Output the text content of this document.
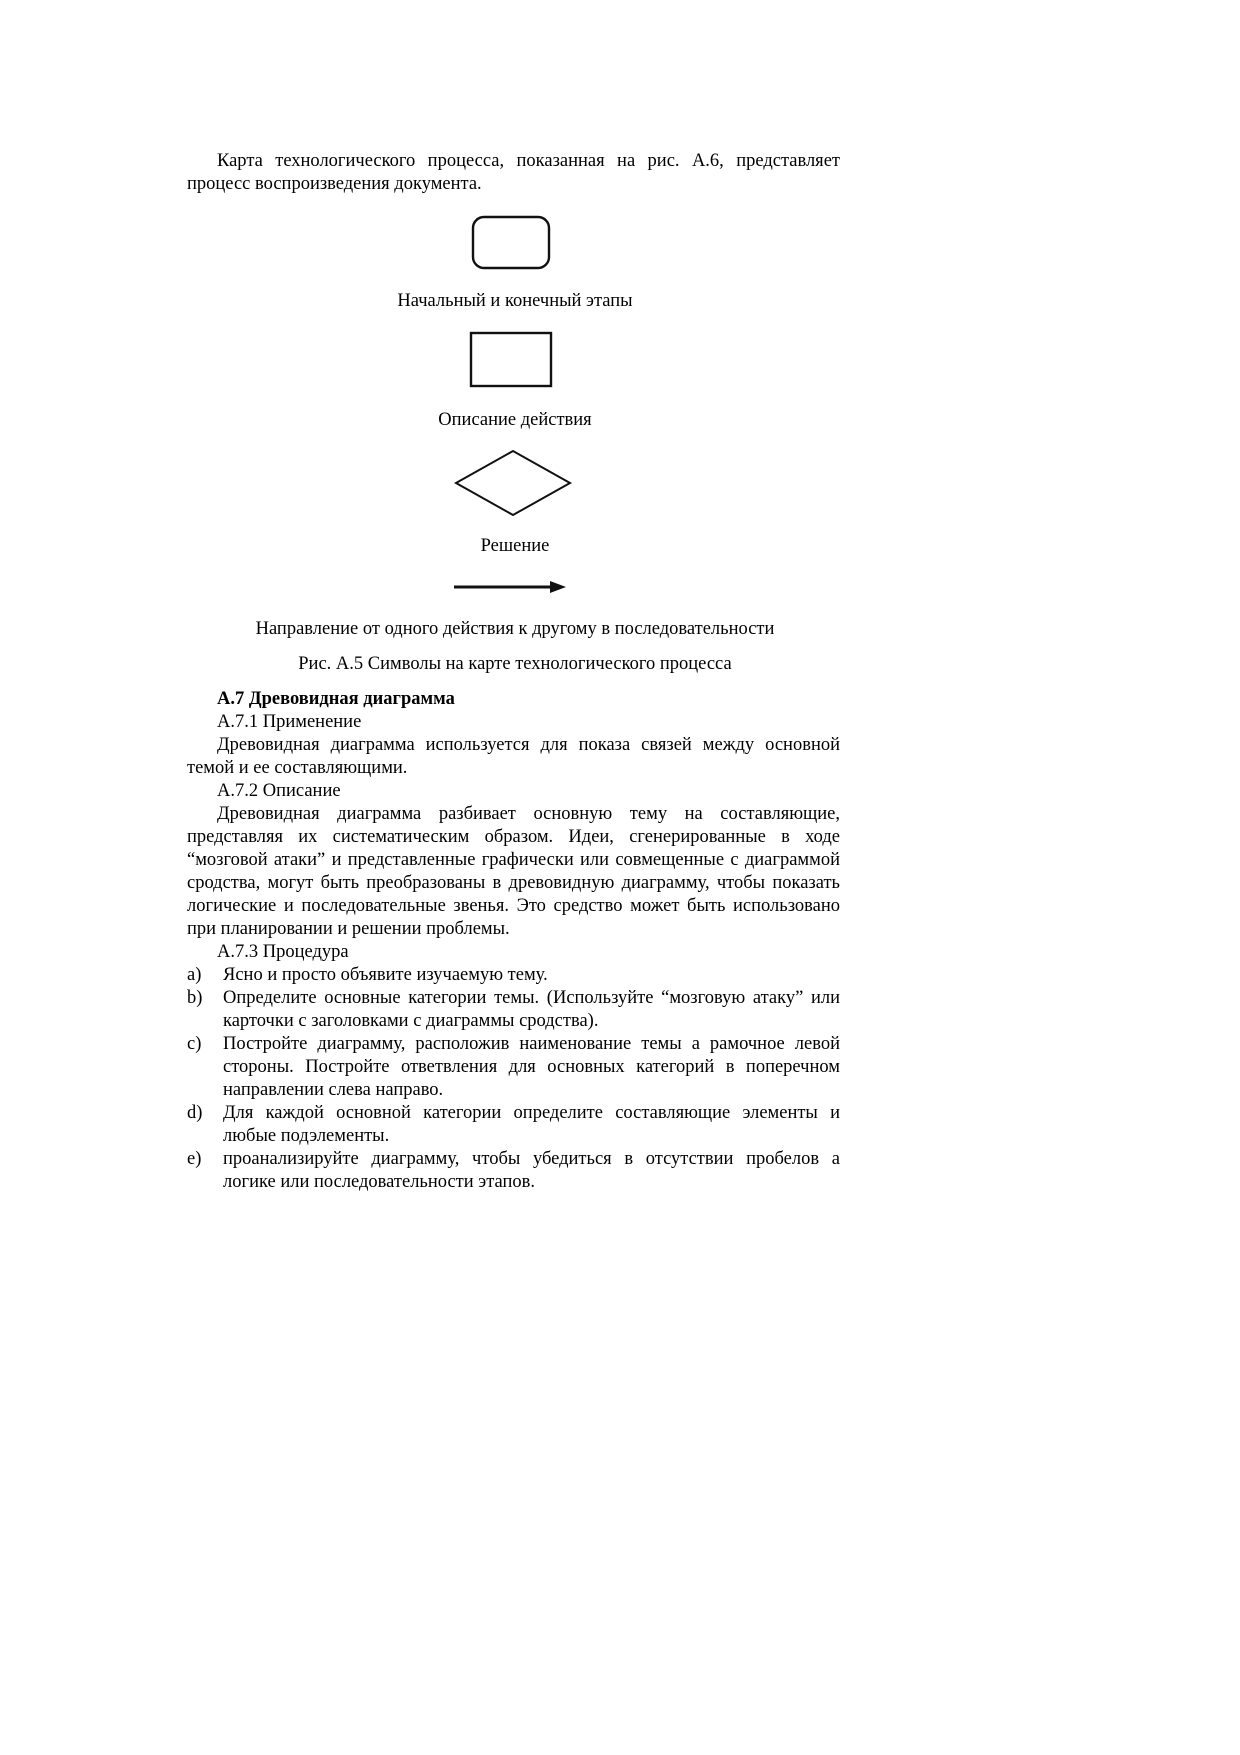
Карта технологического процесса, показанная на рис. А.6, представляет процесс воспроизведения документа.

Начальный и конечный этапы
Описание действия
Решение
Направление от одного действия к другому в последовательности
Рис. А.5 Символы на карте технологического процесса

А.7 Древовидная диаграмма

А.7.1 Применение

Древовидная диаграмма используется для показа связей между основной темой и ее составляющими.

А.7.2 Описание

Древовидная диаграмма разбивает основную тему на составляющие, представляя их систематическим образом. Идеи, сгенерированные в ходе “мозговой атаки” и представленные графически или совмещенные с диаграммой сродства, могут быть преобразованы в древовидную диаграмму, чтобы показать логические и последовательные звенья. Это средство может быть использовано при планировании и решении проблемы.

А.7.3 Процедура

a) Ясно и просто объявите изучаемую тему.
b) Определите основные категории темы. (Используйте “мозговую атаку” или карточки с заголовками с диаграммы сродства).
c) Постройте диаграмму, расположив наименование темы а рамочное левой стороны. Постройте ответвления для основных категорий в поперечном направлении слева направо.
d) Для каждой основной категории определите составляющие элементы и любые подэлементы.
e) проанализируйте диаграмму, чтобы убедиться в отсутствии пробелов а логике или последовательности этапов.
